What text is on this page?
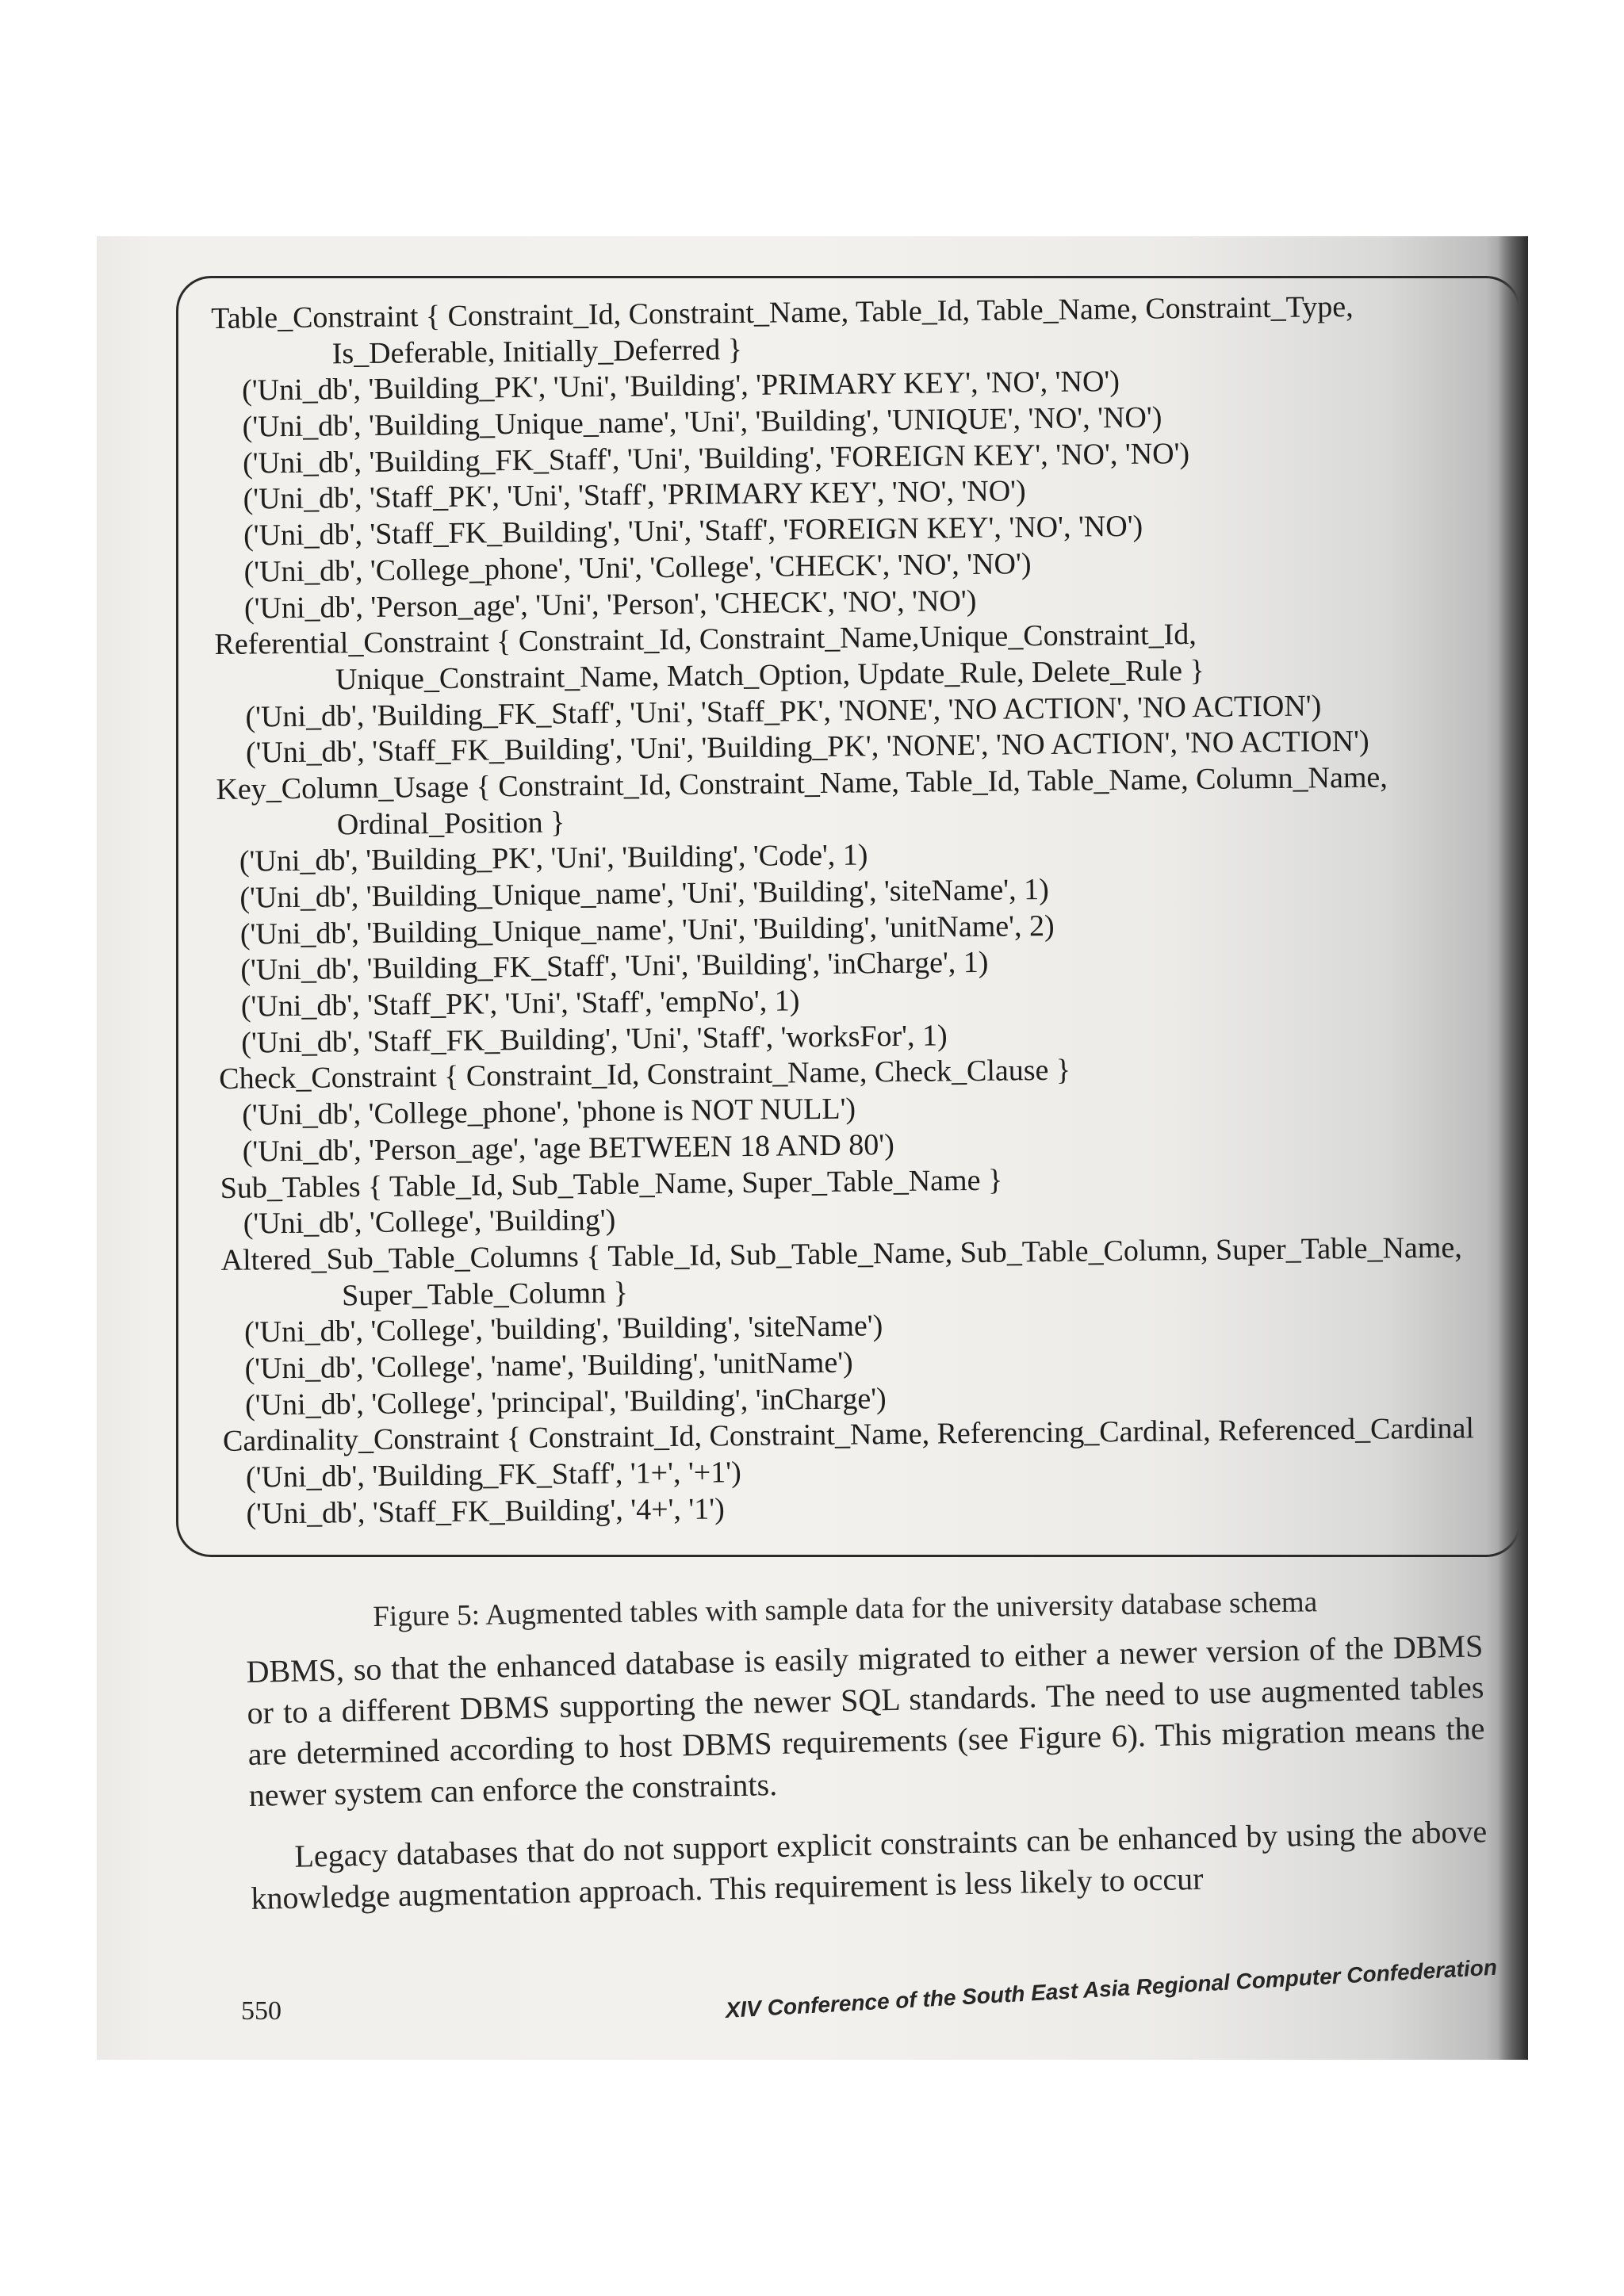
Table_Constraint { Constraint_Id, Constraint_Name, Table_Id, Table_Name, Constraint_Type,
Is_Deferable, Initially_Deferred }
('Uni_db', 'Building_PK', 'Uni', 'Building', 'PRIMARY KEY', 'NO', 'NO')
('Uni_db', 'Building_Unique_name', 'Uni', 'Building', 'UNIQUE', 'NO', 'NO')
('Uni_db', 'Building_FK_Staff', 'Uni', 'Building', 'FOREIGN KEY', 'NO', 'NO')
('Uni_db', 'Staff_PK', 'Uni', 'Staff', 'PRIMARY KEY', 'NO', 'NO')
('Uni_db', 'Staff_FK_Building', 'Uni', 'Staff', 'FOREIGN KEY', 'NO', 'NO')
('Uni_db', 'College_phone', 'Uni', 'College', 'CHECK', 'NO', 'NO')
('Uni_db', 'Person_age', 'Uni', 'Person', 'CHECK', 'NO', 'NO')
Referential_Constraint { Constraint_Id, Constraint_Name,Unique_Constraint_Id,
Unique_Constraint_Name, Match_Option, Update_Rule, Delete_Rule }
('Uni_db', 'Building_FK_Staff', 'Uni', 'Staff_PK', 'NONE', 'NO ACTION', 'NO ACTION')
('Uni_db', 'Staff_FK_Building', 'Uni', 'Building_PK', 'NONE', 'NO ACTION', 'NO ACTION')
Key_Column_Usage { Constraint_Id, Constraint_Name, Table_Id, Table_Name, Column_Name,
Ordinal_Position }
('Uni_db', 'Building_PK', 'Uni', 'Building', 'Code', 1)
('Uni_db', 'Building_Unique_name', 'Uni', 'Building', 'siteName', 1)
('Uni_db', 'Building_Unique_name', 'Uni', 'Building', 'unitName', 2)
('Uni_db', 'Building_FK_Staff', 'Uni', 'Building', 'inCharge', 1)
('Uni_db', 'Staff_PK', 'Uni', 'Staff', 'empNo', 1)
('Uni_db', 'Staff_FK_Building', 'Uni', 'Staff', 'worksFor', 1)
Check_Constraint { Constraint_Id, Constraint_Name, Check_Clause }
('Uni_db', 'College_phone', 'phone is NOT NULL')
('Uni_db', 'Person_age', 'age BETWEEN 18 AND 80')
Sub_Tables { Table_Id, Sub_Table_Name, Super_Table_Name }
('Uni_db', 'College', 'Building')
Altered_Sub_Table_Columns { Table_Id, Sub_Table_Name, Sub_Table_Column, Super_Table_Name,
Super_Table_Column }
('Uni_db', 'College', 'building', 'Building', 'siteName')
('Uni_db', 'College', 'name', 'Building', 'unitName')
('Uni_db', 'College', 'principal', 'Building', 'inCharge')
Cardinality_Constraint { Constraint_Id, Constraint_Name, Referencing_Cardinal, Referenced_Cardinal
('Uni_db', 'Building_FK_Staff', '1+', '+1')
('Uni_db', 'Staff_FK_Building', '4+', '1')
Figure 5: Augmented tables with sample data for the university database schema

DBMS, so that the enhanced database is easily migrated to either a newer version of the DBMS or to a different DBMS supporting the newer SQL standards. The need to use augmented tables are determined according to host DBMS requirements (see Figure 6). This migration means the newer system can enforce the constraints.

Legacy databases that do not support explicit constraints can be enhanced by using the above knowledge augmentation approach. This requirement is less likely to occur

550	XIV Conference of the South East Asia Regional Computer Confederation
